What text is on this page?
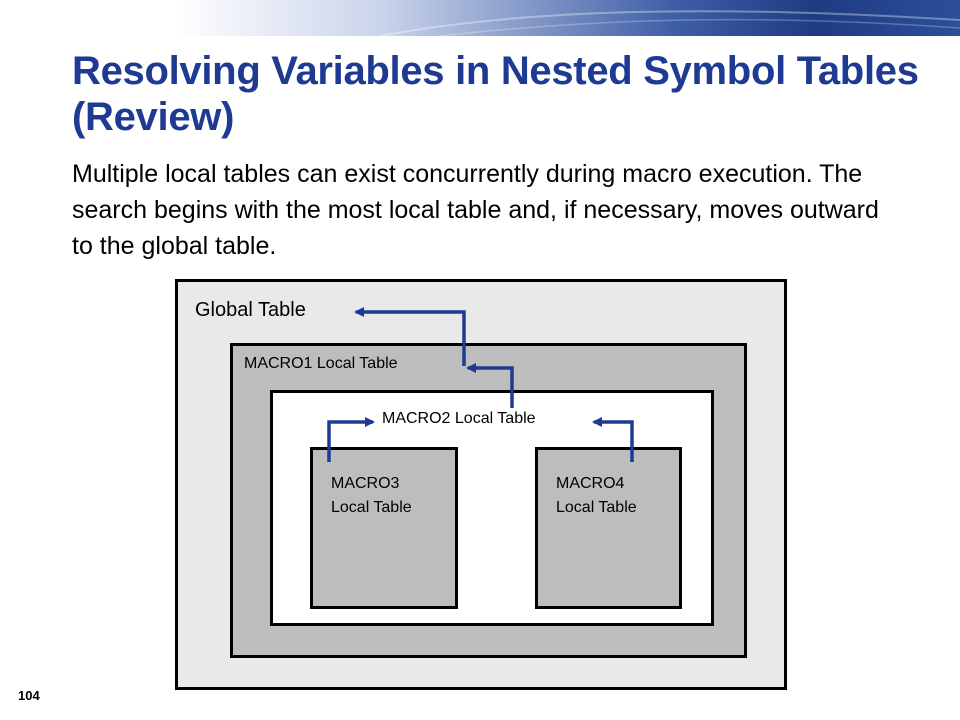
Resolving Variables in Nested Symbol Tables (Review)

Multiple local tables can exist concurrently during macro execution. The search begins with the most local table and, if necessary, moves outward to the global table.

Global Table
MACRO1 Local Table
MACRO2 Local Table
MACRO3
Local Table
MACRO4
Local Table
104
